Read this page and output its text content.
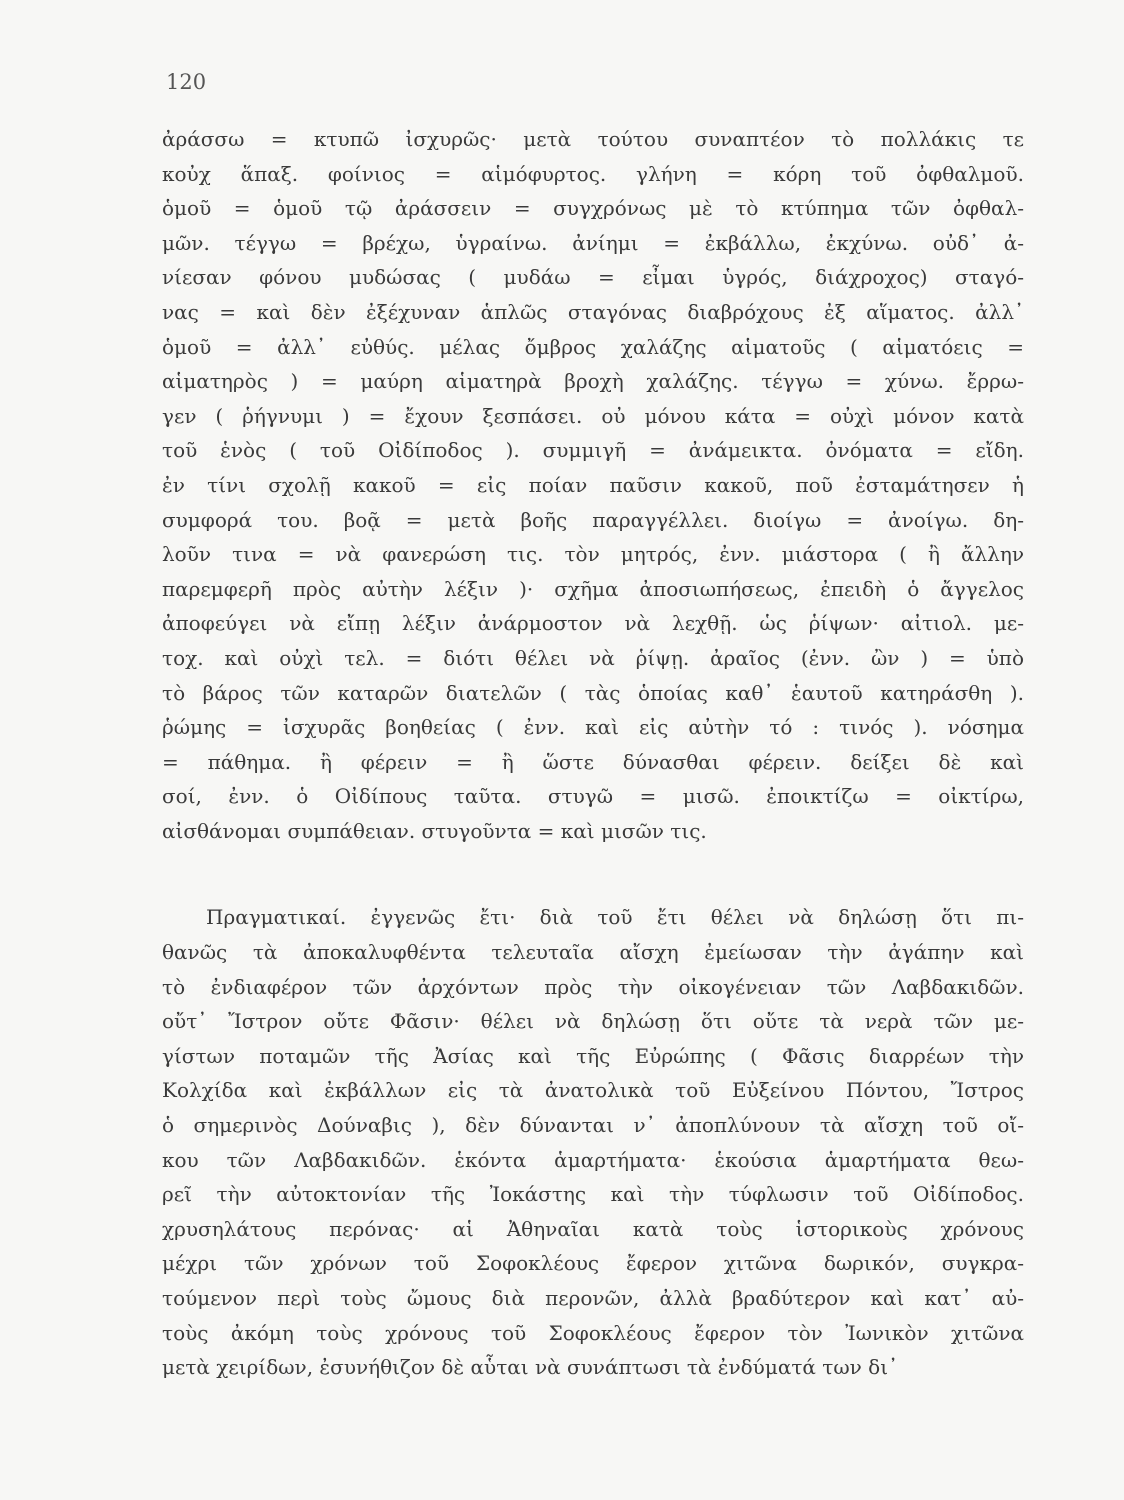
120
ἀράσσω = κτυπῶ ἰσχυρῶς· μετὰ τούτου συναπτέον τὸ πολλάκις τε
κοὐχ ἅπαξ. φοίνιος = αἱμόφυρτος. γλήνη = κόρη τοῦ ὀφθαλμοῦ.
ὁμοῦ = ὁμοῦ τῷ ἀράσσειν = συγχρόνως μὲ τὸ κτύπημα τῶν ὀφθαλ-
μῶν. τέγγω = βρέχω, ὑγραίνω. ἀνίημι = ἐκβάλλω, ἐκχύνω. οὐδ᾽ ἀ-
νίεσαν φόνου μυδώσας ( μυδάω = εἶμαι ὑγρός, διάχροχος) σταγό-
νας = καὶ δὲν ἐξέχυναν ἁπλῶς σταγόνας διαβρόχους ἐξ αἵματος. ἀλλ᾽
ὁμοῦ = ἀλλ᾽ εὐθύς. μέλας ὄμβρος χαλάζης αἱματοῦς ( αἱματόεις =
αἱματηρὸς ) = μαύρη αἱματηρὰ βροχὴ χαλάζης. τέγγω = χύνω. ἔρρω-
γεν ( ῥήγνυμι ) = ἔχουν ξεσπάσει. οὐ μόνου κάτα = οὐχὶ μόνον κατὰ
τοῦ ἑνὸς ( τοῦ Οἰδίποδος ). συμμιγῆ = ἀνάμεικτα. ὀνόματα = εἴδη.
ἐν τίνι σχολῇ κακοῦ = εἰς ποίαν παῦσιν κακοῦ, ποῦ ἐσταμάτησεν ἡ
συμφορά του. βοᾷ = μετὰ βοῆς παραγγέλλει. διοίγω = ἀνοίγω. δη-
λοῦν τινα = νὰ φανερώση τις. τὸν μητρός, ἐνν. μιάστορα ( ἢ ἄλλην
παρεμφερῆ πρὸς αὐτὴν λέξιν )· σχῆμα ἀποσιωπήσεως, ἐπειδὴ ὁ ἄγγελος
ἀποφεύγει νὰ εἴπῃ λέξιν ἀνάρμοστον νὰ λεχθῇ. ὡς ῥίψων· αἰτιολ. με-
τοχ. καὶ οὐχὶ τελ. = διότι θέλει νὰ ῥίψῃ. ἀραῖος (ἐνν. ὢν ) = ὑπὸ
τὸ βάρος τῶν καταρῶν διατελῶν ( τὰς ὁποίας καθ᾽ ἑαυτοῦ κατηράσθη ).
ῥώμης = ἰσχυρᾶς βοηθείας ( ἐνν. καὶ εἰς αὐτὴν τό : τινός ). νόσημα
= πάθημα. ἢ φέρειν = ἢ ὥστε δύνασθαι φέρειν. δείξει δὲ καὶ
σοί, ἐνν. ὁ Οἰδίπους ταῦτα. στυγῶ = μισῶ. ἐποικτίζω = οἰκτίρω,
αἰσθάνομαι συμπάθειαν. στυγοῦντα = καὶ μισῶν τις.
Πραγματικαί. ἐγγενῶς ἔτι· διὰ τοῦ ἔτι θέλει νὰ δηλώσῃ ὅτι πι-
θανῶς τὰ ἀποκαλυφθέντα τελευταῖα αἴσχη ἐμείωσαν τὴν ἀγάπην καὶ
τὸ ἐνδιαφέρον τῶν ἀρχόντων πρὸς τὴν οἰκογένειαν τῶν Λαβδακιδῶν.
οὔτ᾽ Ἴστρον οὔτε Φᾶσιν· θέλει νὰ δηλώσῃ ὅτι οὔτε τὰ νερὰ τῶν με-
γίστων ποταμῶν τῆς Ἀσίας καὶ τῆς Εὐρώπης ( Φᾶσις διαρρέων τὴν
Κολχίδα καὶ ἐκβάλλων εἰς τὰ ἀνατολικὰ τοῦ Εὐξείνου Πόντου, Ἴστρος
ὁ σημερινὸς Δούναβις ), δὲν δύνανται ν᾽ ἀποπλύνουν τὰ αἴσχη τοῦ οἴ-
κου τῶν Λαβδακιδῶν. ἑκόντα ἁμαρτήματα· ἑκούσια ἁμαρτήματα θεω-
ρεῖ τὴν αὐτοκτονίαν τῆς Ἰοκάστης καὶ τὴν τύφλωσιν τοῦ Οἰδίποδος.
χρυσηλάτους περόνας· αἱ Ἀθηναῖαι κατὰ τοὺς ἱστορικοὺς χρόνους
μέχρι τῶν χρόνων τοῦ Σοφοκλέους ἔφερον χιτῶνα δωρικόν, συγκρα-
τούμενον περὶ τοὺς ὤμους διὰ περονῶν, ἀλλὰ βραδύτερον καὶ κατ᾽ αὐ-
τοὺς ἀκόμη τοὺς χρόνους τοῦ Σοφοκλέους ἔφερον τὸν Ἰωνικὸν χιτῶνα
μετὰ χειρίδων, ἐσυνήθιζον δὲ αὗται νὰ συνάπτωσι τὰ ἐνδύματά των δι᾽
